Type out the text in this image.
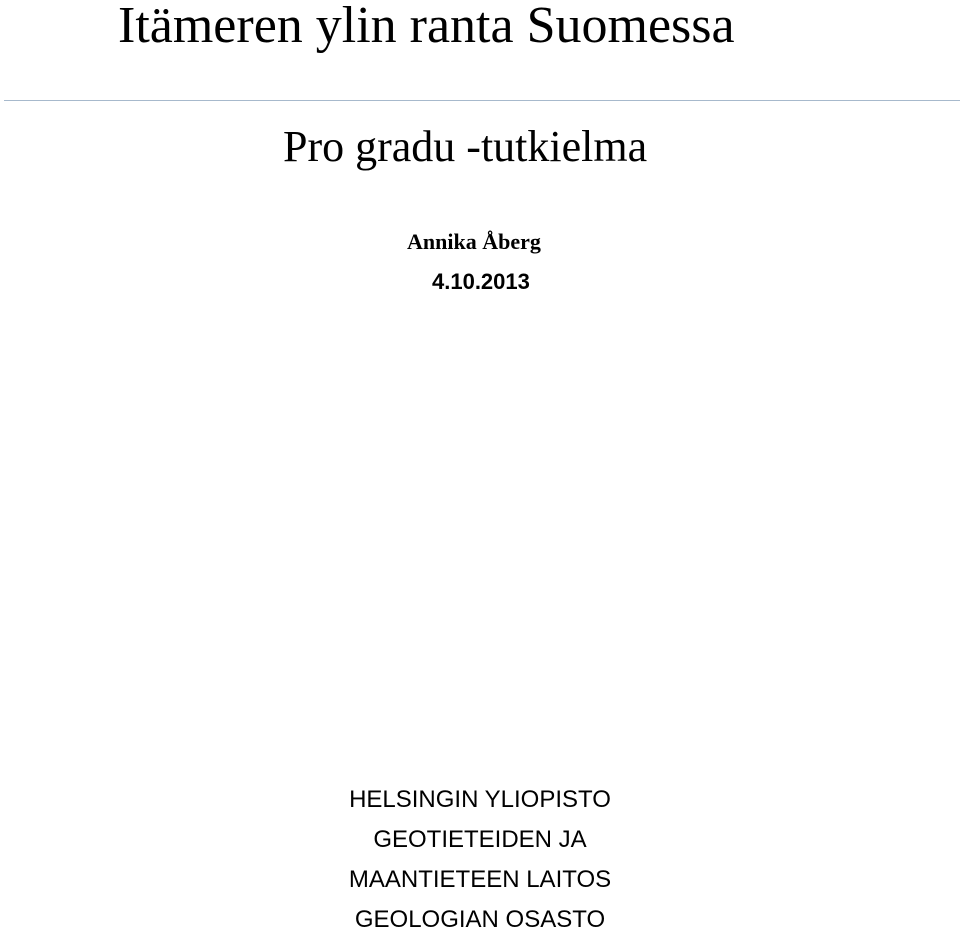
Itämeren ylin ranta Suomessa
Pro gradu -tutkielma
Annika Åberg
4.10.2013
HELSINGIN YLIOPISTO
GEOTIETEIDEN JA
MAANTIETEEN LAITOS
GEOLOGIAN OSASTO
